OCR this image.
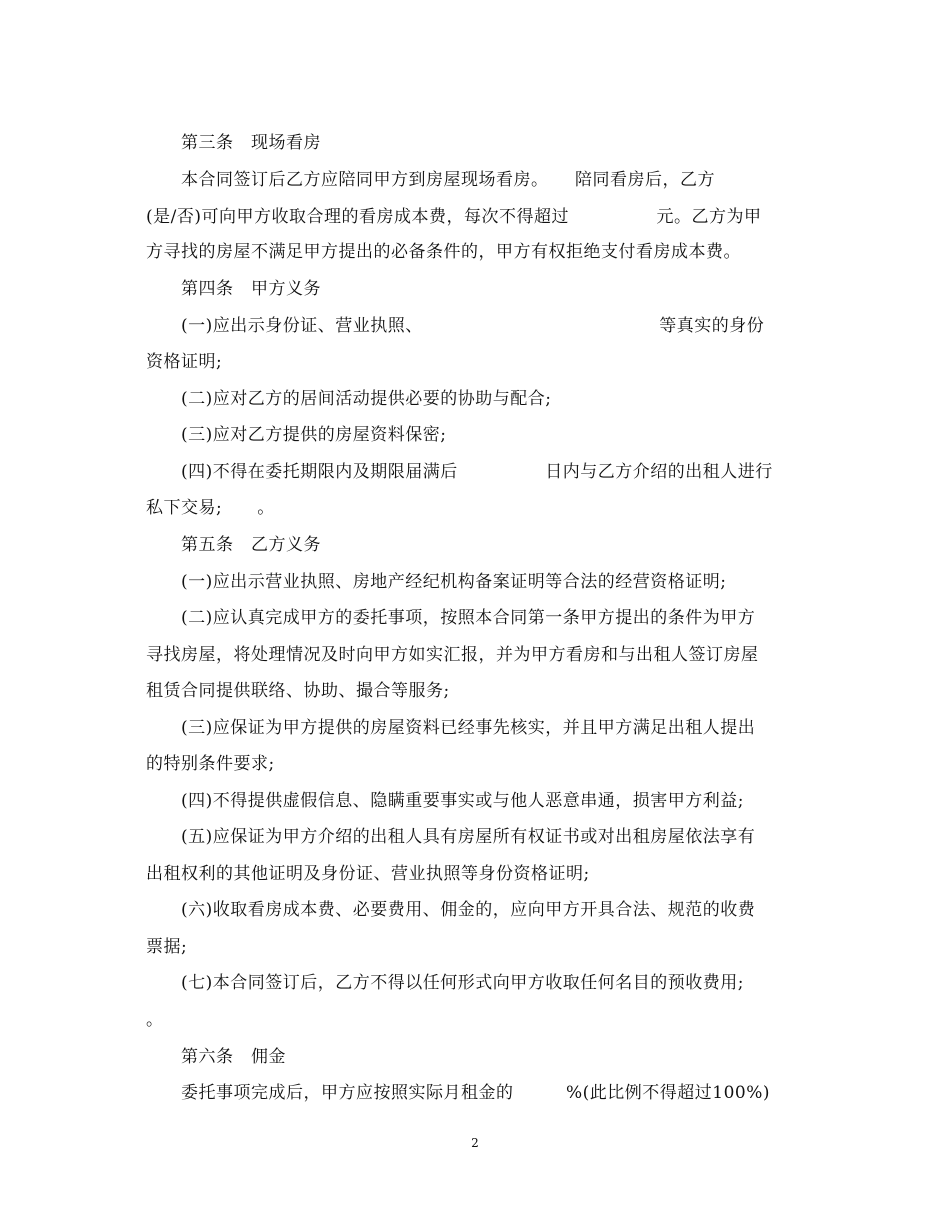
第三条　现场看房
本合同签订后乙方应陪同甲方到房屋现场看房。　　陪同看房后，乙方
(是/否)可向甲方收取合理的看房成本费，每次不得超过　　　　　元。乙方为甲
方寻找的房屋不满足甲方提出的必备条件的，甲方有权拒绝支付看房成本费。
第四条　甲方义务
(一)应出示身份证、营业执照、　　　　　　　　　　　　　　等真实的身份
资格证明;
(二)应对乙方的居间活动提供必要的协助与配合;
(三)应对乙方提供的房屋资料保密;
(四)不得在委托期限内及期限届满后　　　　　日内与乙方介绍的出租人进行
私下交易;　　。
第五条　乙方义务
(一)应出示营业执照、房地产经纪机构备案证明等合法的经营资格证明;
(二)应认真完成甲方的委托事项，按照本合同第一条甲方提出的条件为甲方
寻找房屋，将处理情况及时向甲方如实汇报，并为甲方看房和与出租人签订房屋
租赁合同提供联络、协助、撮合等服务;
(三)应保证为甲方提供的房屋资料已经事先核实，并且甲方满足出租人提出
的特别条件要求;
(四)不得提供虚假信息、隐瞒重要事实或与他人恶意串通，损害甲方利益;
(五)应保证为甲方介绍的出租人具有房屋所有权证书或对出租房屋依法享有
出租权利的其他证明及身份证、营业执照等身份资格证明;
(六)收取看房成本费、必要费用、佣金的，应向甲方开具合法、规范的收费
票据;
(七)本合同签订后，乙方不得以任何形式向甲方收取任何名目的预收费用;
。
第六条　佣金
委托事项完成后，甲方应按照实际月租金的　　　%(此比例不得超过100%)
2
